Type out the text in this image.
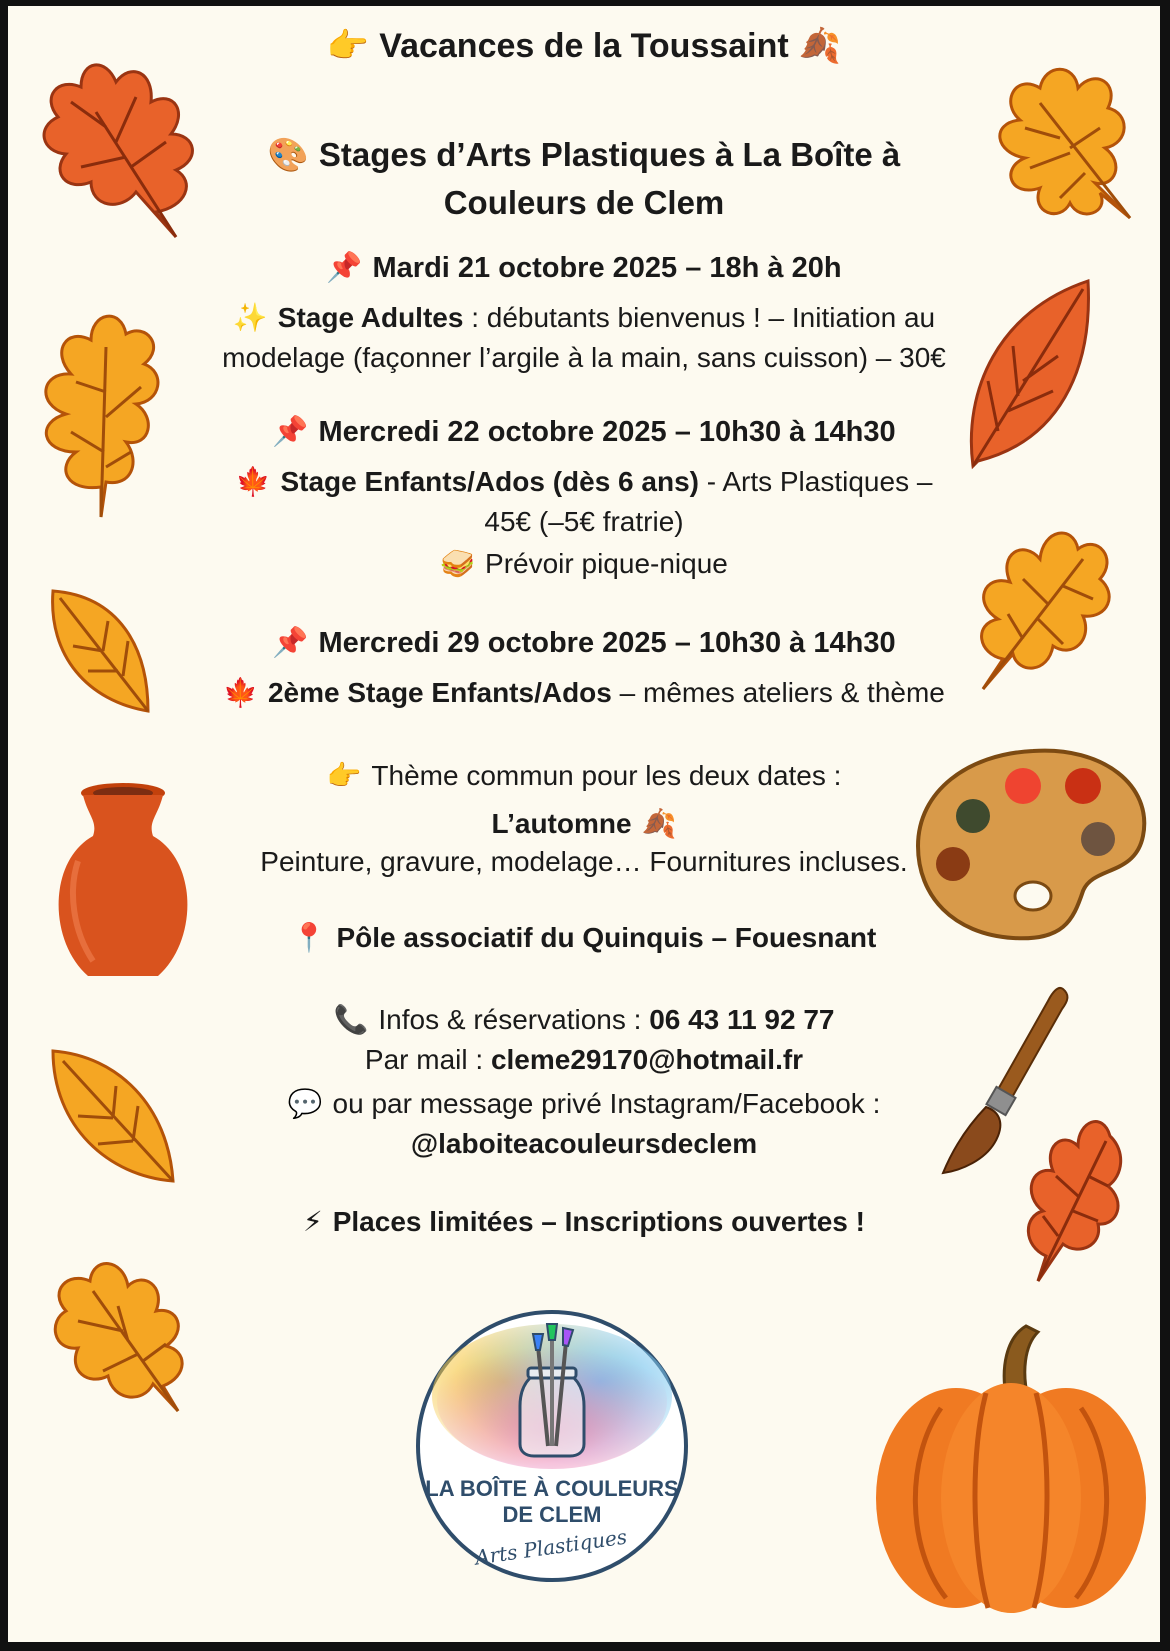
👉 Vacances de la Toussaint 🍂
🎨 Stages d’Arts Plastiques à La Boîte à
Couleurs de Clem
📌 Mardi 21 octobre 2025 – 18h à 20h
✨ Stage Adultes : débutants bienvenus ! – Initiation au
modelage (façonner l’argile à la main, sans cuisson) – 30€
📌 Mercredi 22 octobre 2025 – 10h30 à 14h30
🍁 Stage Enfants/Ados (dès 6 ans) - Arts Plastiques –
45€ (–5€ fratrie)
🥪 Prévoir pique-nique
📌 Mercredi 29 octobre 2025 – 10h30 à 14h30
🍁 2ème Stage Enfants/Ados – mêmes ateliers & thème
👉 Thème commun pour les deux dates :
L’automne 🍂
Peinture, gravure, modelage… Fournitures incluses.
📍 Pôle associatif du Quinquis – Fouesnant
📞 Infos & réservations : 06 43 11 92 77
Par mail : cleme29170@hotmail.fr
💬 ou par message privé Instagram/Facebook :
@laboiteacouleursdeclem
⚡ Places limitées – Inscriptions ouvertes !
LA BOÎTE À COULEURS
DE CLEM
Arts Plastiques
